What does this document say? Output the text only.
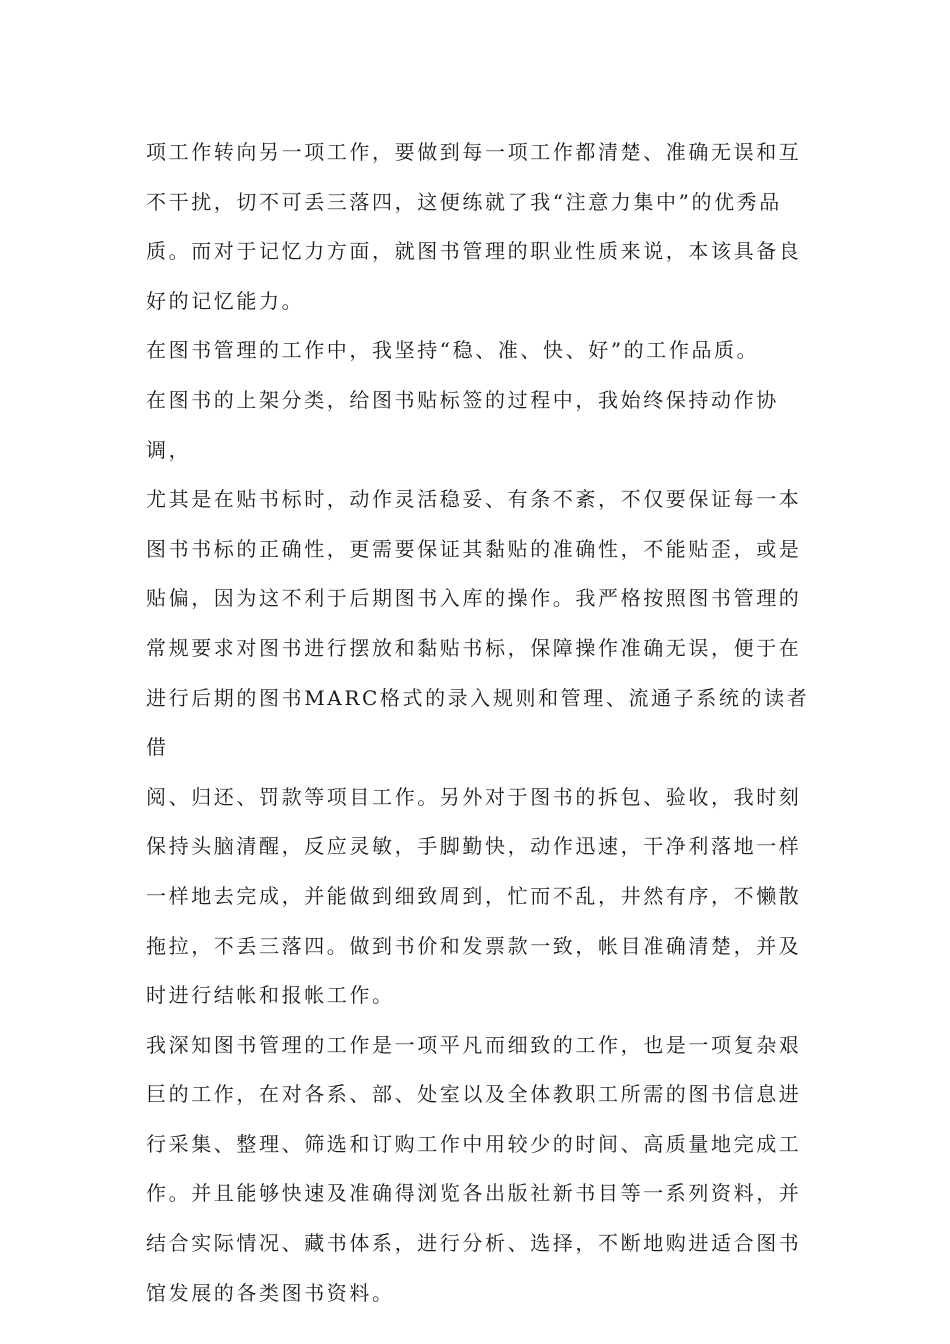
项工作转向另一项工作，要做到每一项工作都清楚、准确无误和互
不干扰，切不可丢三落四，这便练就了我“注意力集中”的优秀品
质。而对于记忆力方面，就图书管理的职业性质来说，本该具备良
好的记忆能力。

在图书管理的工作中，我坚持“稳、准、快、好”的工作品质。

在图书的上架分类，给图书贴标签的过程中，我始终保持动作协调，
尤其是在贴书标时，动作灵活稳妥、有条不紊，不仅要保证每一本
图书书标的正确性，更需要保证其黏贴的准确性，不能贴歪，或是
贴偏，因为这不利于后期图书入库的操作。我严格按照图书管理的
常规要求对图书进行摆放和黏贴书标，保障操作准确无误，便于在
进行后期的图书MARC格式的录入规则和管理、流通子系统的读者借
阅、归还、罚款等项目工作。另外对于图书的拆包、验收，我时刻
保持头脑清醒，反应灵敏，手脚勤快，动作迅速，干净利落地一样
一样地去完成，并能做到细致周到，忙而不乱，井然有序，不懒散
拖拉，不丢三落四。做到书价和发票款一致，帐目准确清楚，并及
时进行结帐和报帐工作。

我深知图书管理的工作是一项平凡而细致的工作，也是一项复杂艰
巨的工作，在对各系、部、处室以及全体教职工所需的图书信息进
行采集、整理、筛选和订购工作中用较少的时间、高质量地完成工
作。并且能够快速及准确得浏览各出版社新书目等一系列资料，并
结合实际情况、藏书体系，进行分析、选择，不断地购进适合图书
馆发展的各类图书资料。
